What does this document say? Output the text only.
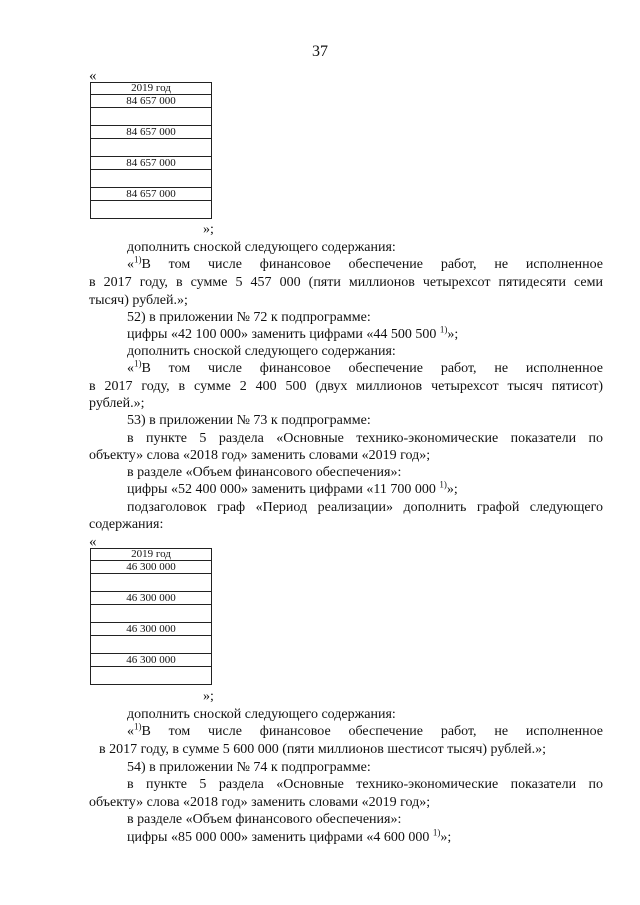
37
«
2019 год
84 657 000
84 657 000
84 657 000
84 657 000
»;
дополнить сноской следующего содержания:
«$^{1)}$В том числе финансовое обеспечение работ, не исполненное
в 2017 году, в сумме 5 457 000 (пяти миллионов четырехсот пятидесяти семи
тысяч) рублей.»;
52) в приложении № 72 к подпрограмме:
цифры «42 100 000» заменить цифрами «44 500 500 $^{1)}$»;
дополнить сноской следующего содержания:
«$^{1)}$В том числе финансовое обеспечение работ, не исполненное
в 2017 году, в сумме 2 400 500 (двух миллионов четырехсот тысяч пятисот)
рублей.»;
53) в приложении № 73 к подпрограмме:
в пункте 5 раздела «Основные технико-экономические показатели по
объекту» слова «2018 год» заменить словами «2019 год»;
в разделе «Объем финансового обеспечения»:
цифры «52 400 000» заменить цифрами «11 700 000 $^{1)}$»;
подзаголовок граф «Период реализации» дополнить графой следующего
содержания:
«
2019 год
46 300 000
46 300 000
46 300 000
46 300 000
»;
дополнить сноской следующего содержания:
«$^{1)}$В том числе финансовое обеспечение работ, не исполненное
в 2017 году, в сумме 5 600 000 (пяти миллионов шестисот тысяч) рублей.»;
54) в приложении № 74 к подпрограмме:
в пункте 5 раздела «Основные технико-экономические показатели по
объекту» слова «2018 год» заменить словами «2019 год»;
в разделе «Объем финансового обеспечения»:
цифры «85 000 000» заменить цифрами «4 600 000 $^{1)}$»;
